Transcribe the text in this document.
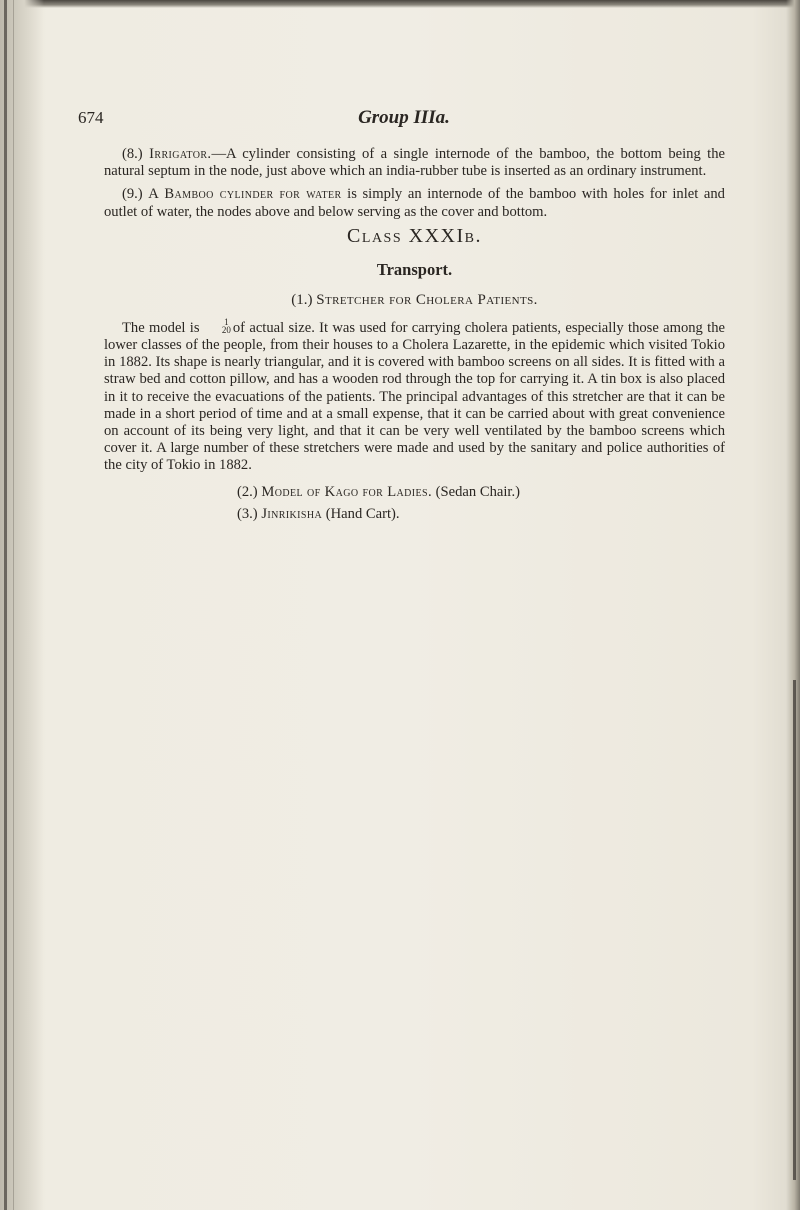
674	Group IIIa.

(8.) Irrigator.—A cylinder consisting of a single internode of the bamboo, the bottom being the natural septum in the node, just above which an india-rubber tube is inserted as an ordinary instrument.

(9.) A Bamboo cylinder for water is simply an internode of the bamboo with holes for inlet and outlet of water, the nodes above and below serving as the cover and bottom.

Class XXXIb.

Transport.

(1.) Stretcher for Cholera Patients.

The model is	1
20 of actual size. It was used for carrying cholera patients, especially those among the lower classes of the people, from their houses to a Cholera Lazarette, in the epidemic which visited Tokio in 1882. Its shape is nearly triangular, and it is covered with bamboo screens on all sides. It is fitted with a straw bed and cotton pillow, and has a wooden rod through the top for carrying it. A tin box is also placed in it to receive the evacuations of the patients. The principal advantages of this stretcher are that it can be made in a short period of time and at a small expense, that it can be carried about with great convenience on account of its being very light, and that it can be very well ventilated by the bamboo screens which cover it. A large number of these stretchers were made and used by the sanitary and police authorities of the city of Tokio in 1882.

(2.) Model of Kago for Ladies. (Sedan Chair.)

(3.) Jinrikisha (Hand Cart).
